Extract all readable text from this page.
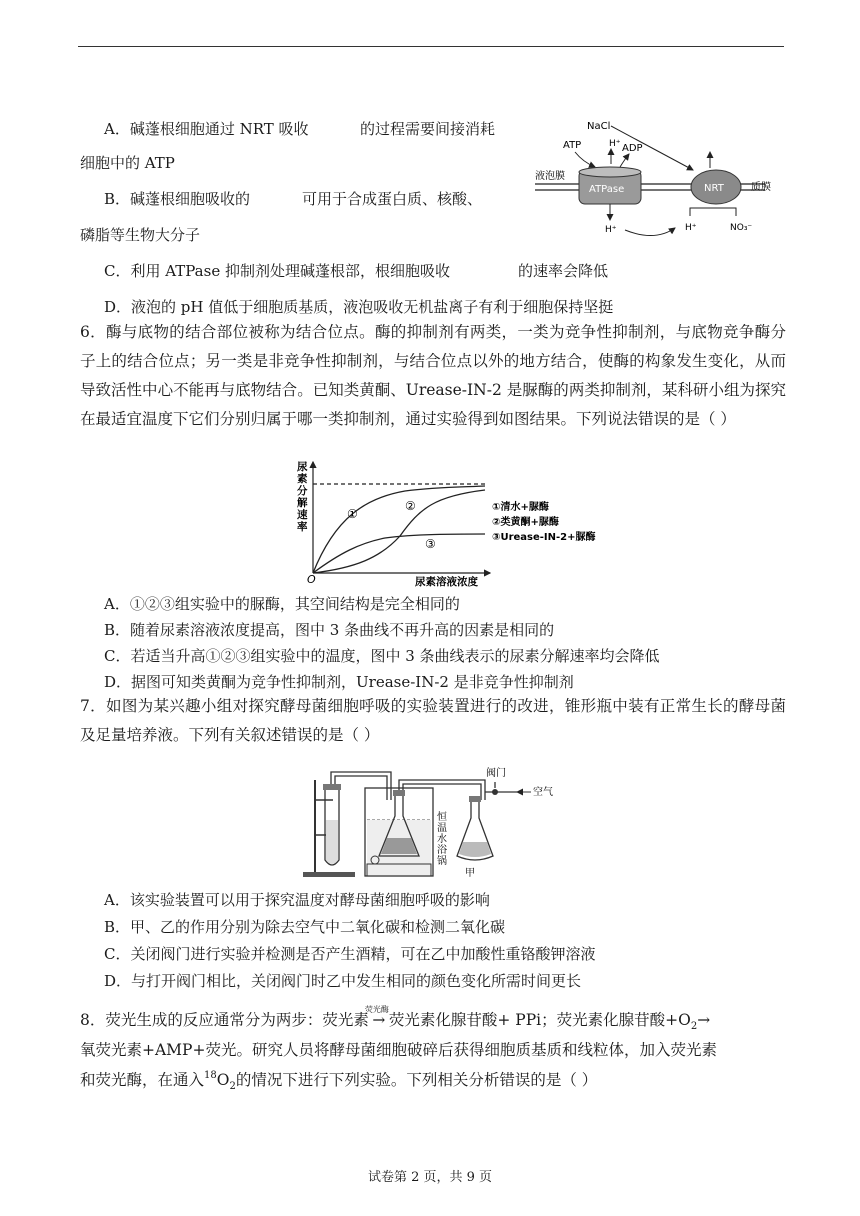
A．碱蓬根细胞通过 NRT 吸收	的过程需要间接消耗
细胞中的 ATP
B．碱蓬根细胞吸收的	可用于合成蛋白质、核酸、
磷脂等生物大分子
C．利用 ATPase 抑制剂处理碱蓬根部，根细胞吸收	的速率会降低
D．液泡的 pH 值低于细胞质基质，液泡吸收无机盐离子有利于细胞保持坚挺
NaCl
ATP	H⁺ ADP
液泡膜
ATPase	NRT	质膜
H⁺	H⁺	NO₃⁻
6．酶与底物的结合部位被称为结合位点。酶的抑制剂有两类，一类为竞争性抑制剂，与底物竞争酶分子上的结合位点；另一类是非竞争性抑制剂，与结合位点以外的地方结合，使酶的构象发生变化，从而导致活性中心不能再与底物结合。已知类黄酮、Urease-IN-2 是脲酶的两类抑制剂，某科研小组为探究在最适宜温度下它们分别归属于哪一类抑制剂，通过实验得到如图结果。下列说法错误的是（ ）
尿
素
分
解
速
率
O	尿素溶液浓度
①
②
③
①清水+脲酶
②类黄酮+脲酶
③Urease-IN-2+脲酶
A．①②③组实验中的脲酶，其空间结构是完全相同的
B．随着尿素溶液浓度提高，图中 3 条曲线不再升高的因素是相同的
C．若适当升高①②③组实验中的温度，图中 3 条曲线表示的尿素分解速率均会降低
D．据图可知类黄酮为竞争性抑制剂，Urease-IN-2 是非竞争性抑制剂
7．如图为某兴趣小组对探究酵母菌细胞呼吸的实验装置进行的改进，锥形瓶中装有正常生长的酵母菌及足量培养液。下列有关叙述错误的是（ ）
恒
温
水
浴
锅
阀门
空气
甲
A．该实验装置可以用于探究温度对酵母菌细胞呼吸的影响
B．甲、乙的作用分别为除去空气中二氧化碳和检测二氧化碳
C．关闭阀门进行实验并检测是否产生酒精，可在乙中加酸性重铬酸钾溶液
D．与打开阀门相比，关闭阀门时乙中发生相同的颜色变化所需时间更长
8．荧光生成的反应通常分为两步：荧光素
荧光酶
→ 荧光素化腺苷酸+ PPi；荧光素化腺苷酸$+O_2\to$
氧荧光素+AMP+荧光。研究人员将酵母菌细胞破碎后获得细胞质基质和线粒体，加入荧光素
和荧光酶，在通入$^{18}O_2$的情况下进行下列实验。下列相关分析错误的是（ ）
试卷第 2 页，共 9 页
